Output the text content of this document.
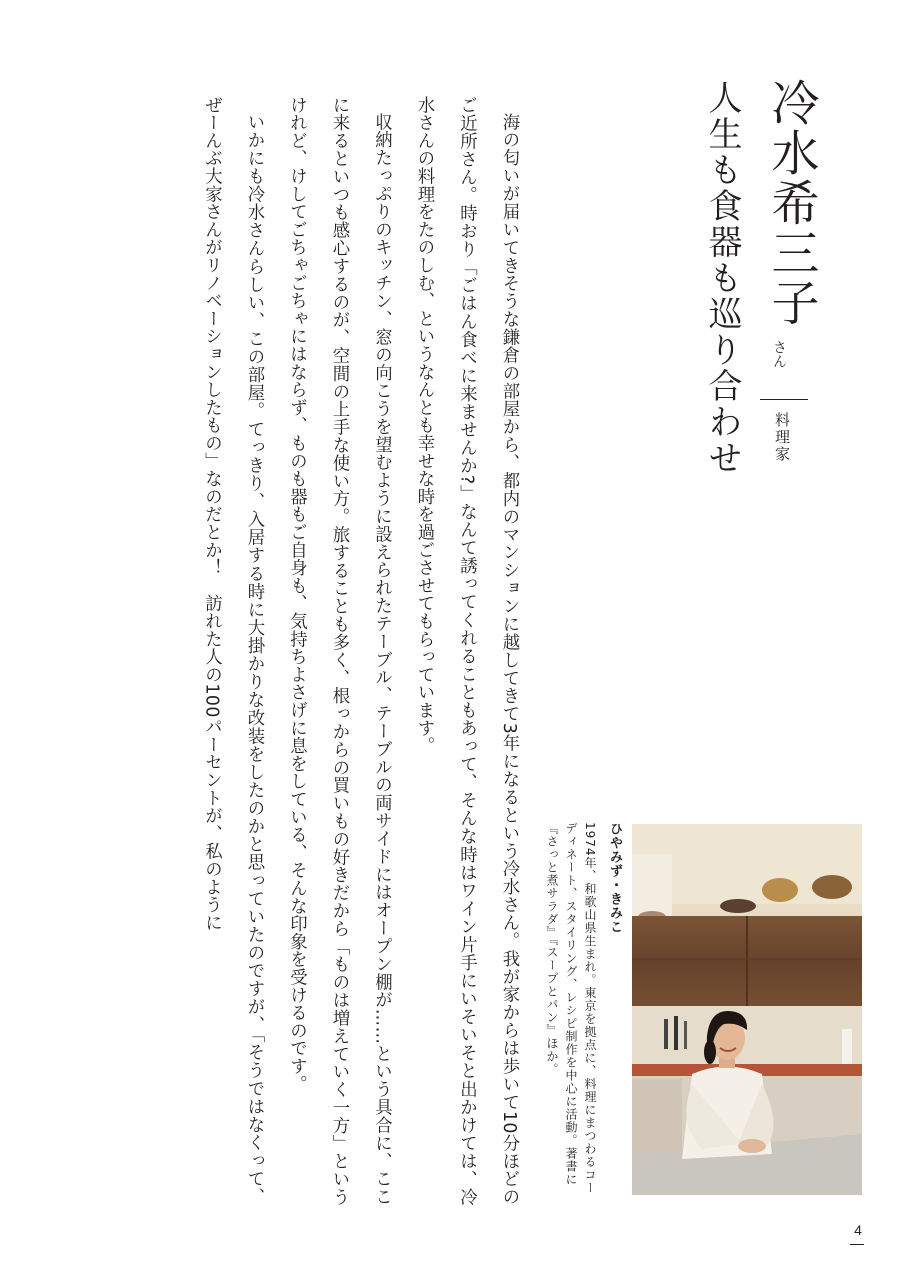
冷水希三子
さん
人生も食器も巡り合わせ 料理家

海の匂いが届いてきそうな鎌倉の部屋から、都内のマンションに越してきて3年になるという冷水さん。我が家からは歩いて10分ほどのご近所さん。時おり「ごはん食べに来ませんか?」なんて誘ってくれることもあって、そんな時はワイン片手にいそいそと出かけては、冷水さんの料理をたのしむ、というなんとも幸せな時を過ごさせてもらっています。

収納たっぷりのキッチン、窓の向こうを望むように設えられたテーブル、テーブルの両サイドにはオープン棚が……という具合に、ここに来るといつも感心するのが、空間の上手な使い方。旅することも多く、根っからの買いもの好きだから「ものは増えていく一方」というけれど、けしてごちゃごちゃにはならず、ものも器もご自身も、気持ちよさげに息をしている、そんな印象を受けるのです。

いかにも冷水さんらしい、この部屋。てっきり、入居する時に大掛かりな改装をしたのかと思っていたのですが、「そうではなくって、ぜーんぶ大家さんがリノベーションしたもの」なのだとか！　訪れた人の100パーセントが、私のように	ひやみず・きみこ

1974年、和歌山県生まれ。東京を拠点に、料理にまつわるコーディネート、スタイリング、レシピ制作を中心に活動。著書に『さっと煮サラダ』『スープとパン』ほか。

4
